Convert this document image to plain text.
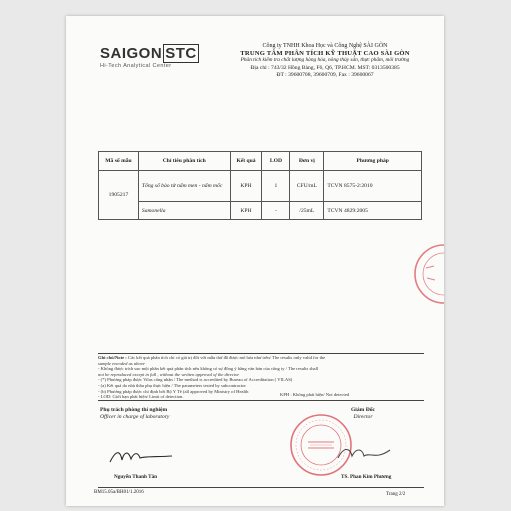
SAIGON STC
Hi-Tech Analytical Center
Công ty TNHH Khoa Học và Công Nghệ SÀI GÒN
TRUNG TÂM PHÂN TÍCH KỸ THUẬT CAO SÀI GÒN
Phân tích kiểm tra chất lượng hàng hóa, nông thủy sản, thực phẩm, môi trường
Địa chỉ : 743/32 Hồng Bàng, F6, Q6, TP.HCM. MST: 0313500385
ĐT : 39600708, 39600709, Fax : 39600067
Mã số mẫu	Chỉ tiêu phân tích	Kết quả	LOD	Đơn vị	Phương pháp
1905217	Tổng số bào tử nấm men - nấm mốc	KPH	1	CFU/mL	TCVN 8575-2:2010
	Samonella	KPH	-	/25mL	TCVN 4829:2005
Ghi chú/Note : Các kết quả phân tích chỉ có giá trị đối với mẫu thử đã được mô hóa như trên/ The results only valid for the
sample encoded as above
- Không được trích sao một phần kết quả phân tích nếu không có sự đồng ý bằng văn bản của công ty / The results shall
not be reproduced except in full , without the written approval of the director
- (*) Phương pháp được Vilas công nhận / The method is accredited by Bureau of Accreditation ( VILAS)
- (a) Kết quả do nhà thầu phụ thực hiện / The parameters tested by subcontractor
- (b) Phương pháp được chỉ định bởi Bộ Y Tế (all approved by Ministry of Health
- LOD: Giới hạn phát hiện/ Limit of detection.	KPH : Không phát hiện/ Not detected
Phụ trách phòng thí nghiệm
Officer in charge of laboratory
Nguyễn Thanh Tân
Giám Đốc
Director
TS. Phan Kim Phương
BM15.05a/BH01/1.2016	Trang 2/2
